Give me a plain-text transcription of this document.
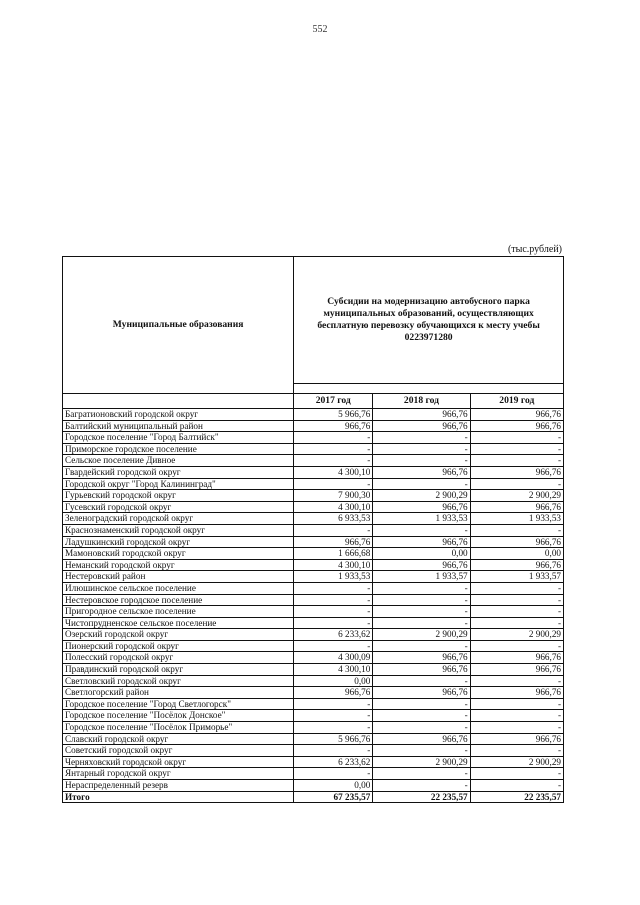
552
(тыс.рублей)
Муниципальные образования	Субсидии на модернизацию автобусного парка муниципальных образований, осуществляющих бесплатную перевозку обучающихся к месту учебы 0223971280		

	2017 год	2018 год	2019 год
Багратионовский городской округ	5 966,76	966,76	966,76
Балтийский муниципальный район	966,76	966,76	966,76
Городское поселение "Город Балтийск"	-	-	-
Приморское городское поселение	-	-	-
Сельское поселение Дивное	-	-	-
Гвардейский городской округ	4 300,10	966,76	966,76
Городской округ "Город Калининград"	-	-	-
Гурьевский городской округ	7 900,30	2 900,29	2 900,29
Гусевский городской округ	4 300,10	966,76	966,76
Зеленоградский городской округ	6 933,53	1 933,53	1 933,53
Краснознаменский городской округ	-	-	-
Ладушкинский городской округ	966,76	966,76	966,76
Мамоновский городской округ	1 666,68	0,00	0,00
Неманский городской округ	4 300,10	966,76	966,76
Нестеровский район	1 933,53	1 933,57	1 933,57
Илюшинское сельское поселение	-	-	-
Нестеровское городское поселение	-	-	-
Пригородное сельское поселение	-	-	-
Чистопрудненское сельское поселение	-	-	-
Озерский городской округ	6 233,62	2 900,29	2 900,29
Пионерский городской округ	-	-	-
Полесский городской округ	4 300,09	966,76	966,76
Правдинский городской округ	4 300,10	966,76	966,76
Светловский городской округ	0,00	-	-
Светлогорский район	966,76	966,76	966,76
Городское поселение "Город Светлогорск"	-	-	-
Городское поселение "Посёлок Донское"	-	-	-
Городское поселение "Посёлок Приморье"	-	-	-
Славский городской округ	5 966,76	966,76	966,76
Советский городской округ	-	-	-
Черняховский городской округ	6 233,62	2 900,29	2 900,29
Янтарный городской округ	-	-	-
Нераспределенный резерв	0,00	-	-
Итого	67 235,57	22 235,57	22 235,57
